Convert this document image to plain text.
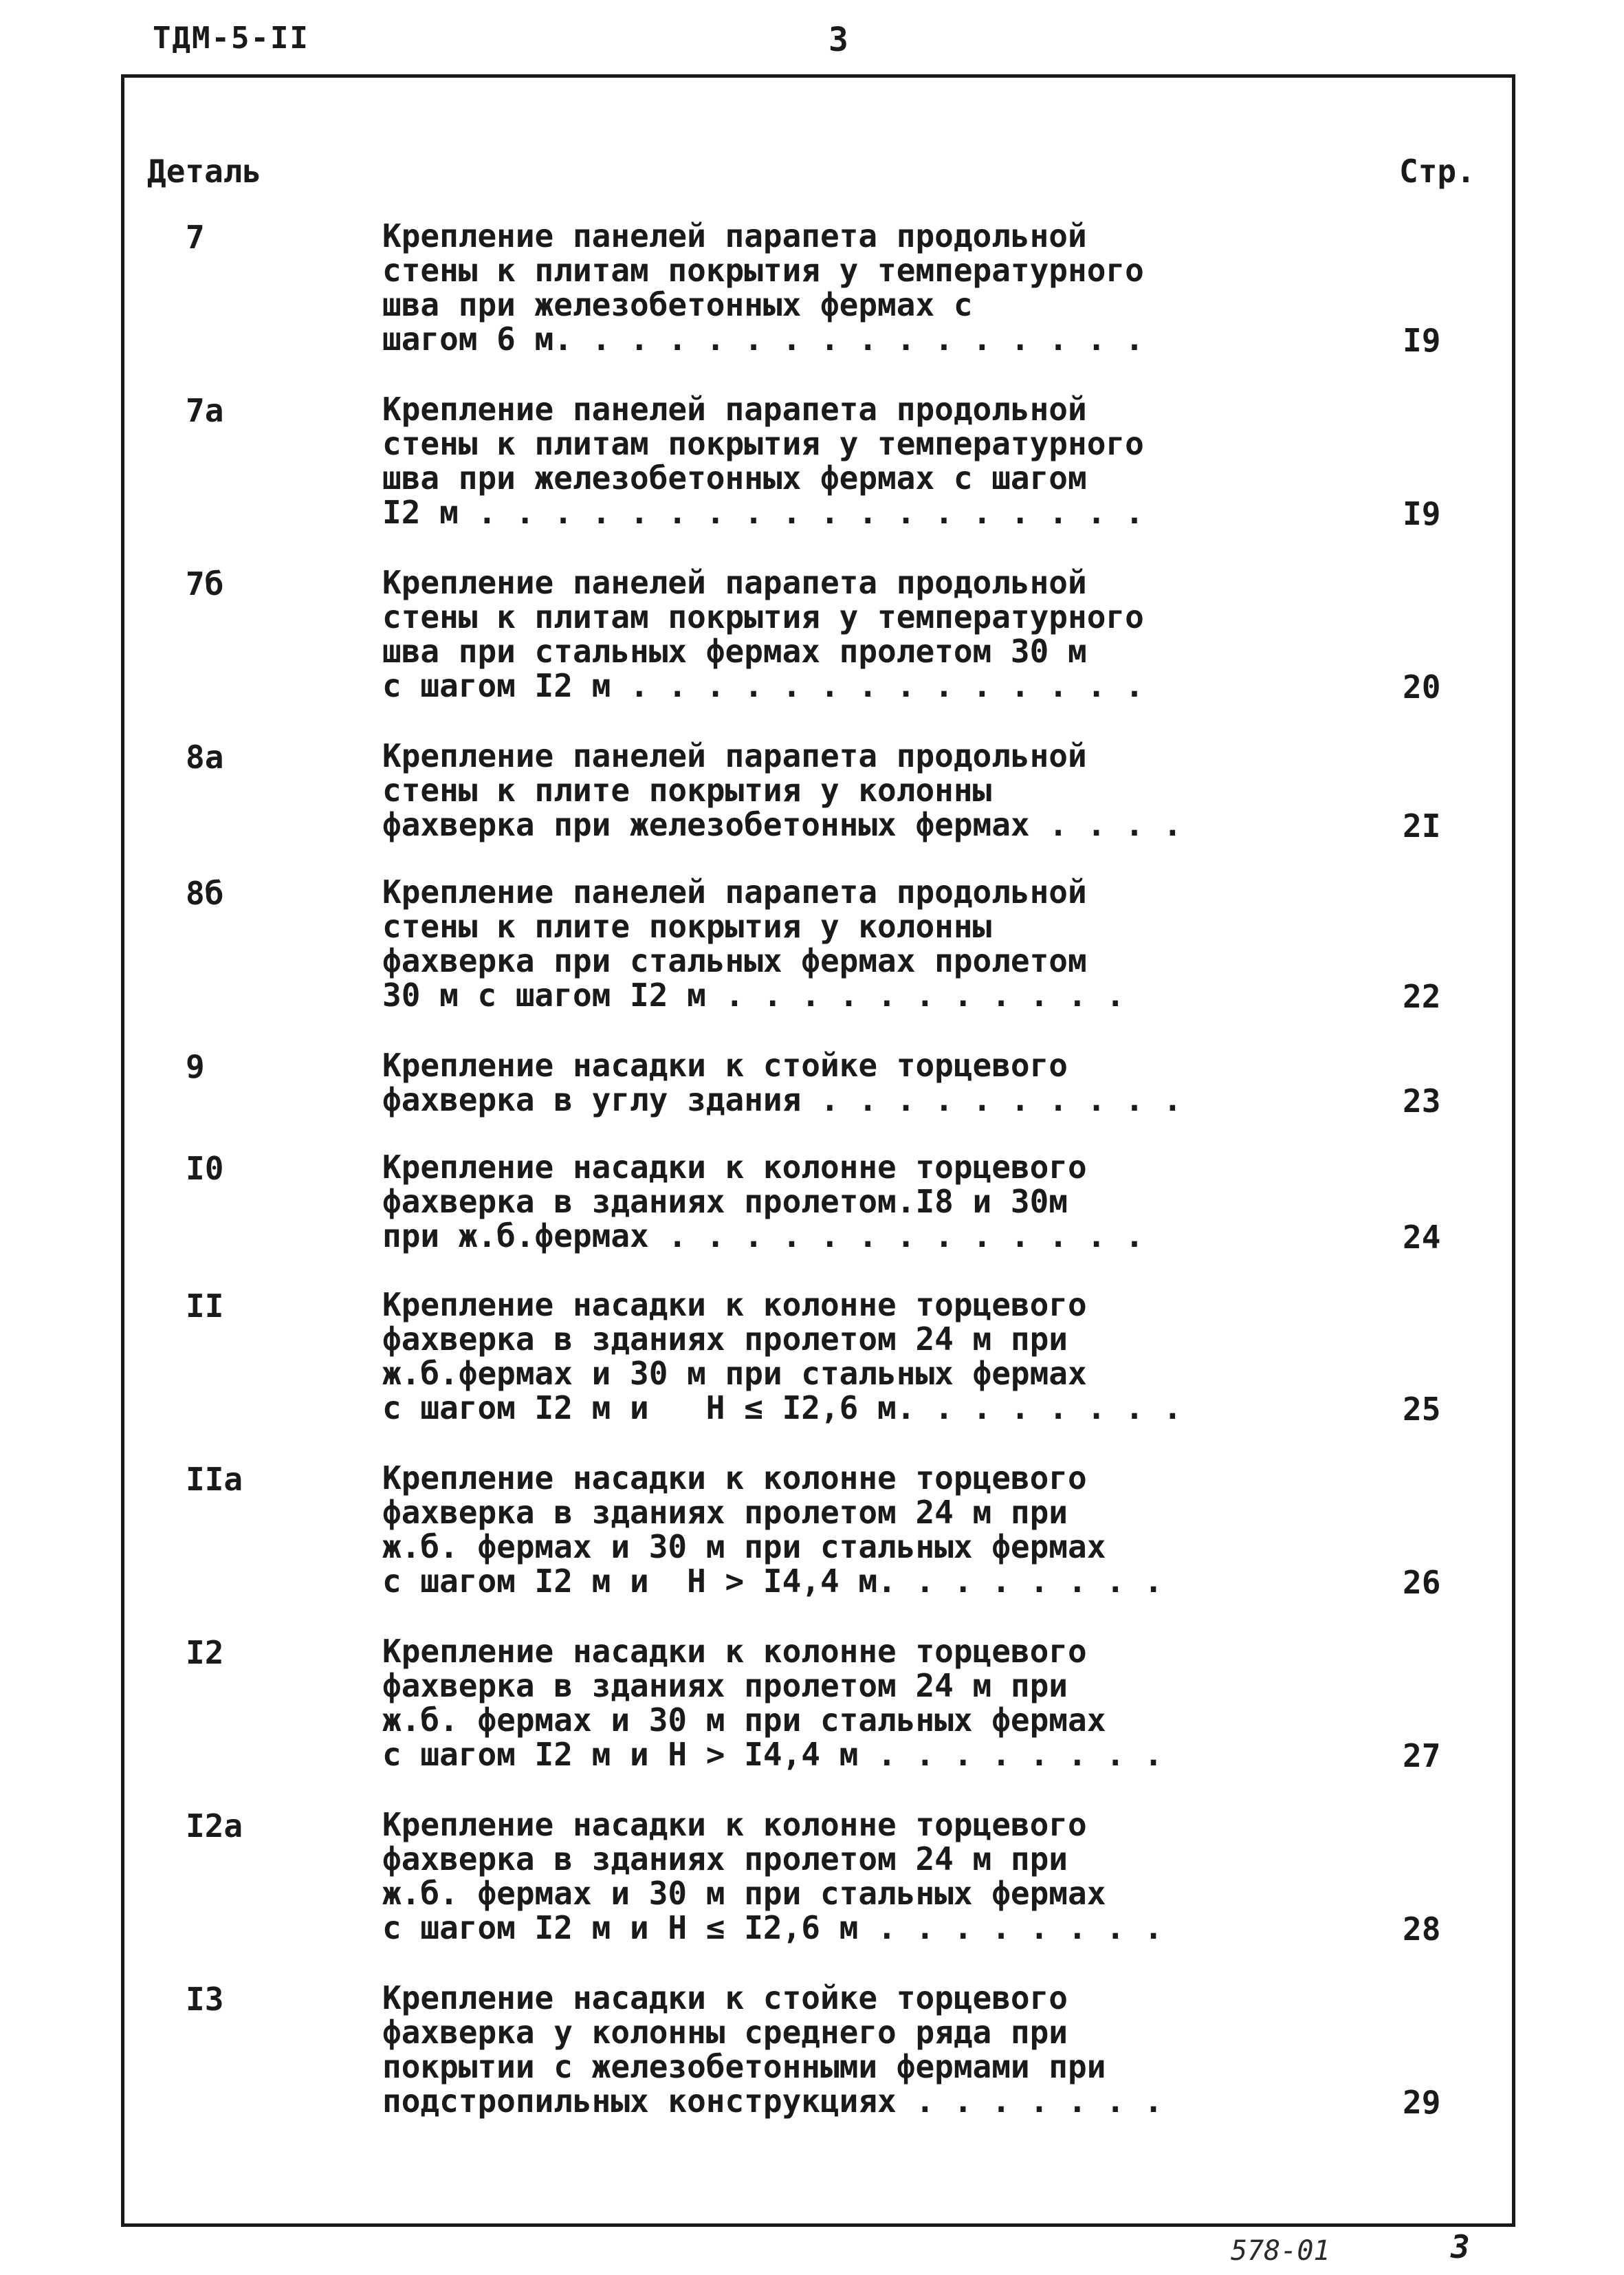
ТДМ-5-II	3
Деталь	Стр.
7	Крепление панелей парапета продольной
стены к плитам покрытия у температурного
шва при железобетонных фермах с
шагом 6 м. . . . . . . . . . . . . . . .	I9
7а	Крепление панелей парапета продольной
стены к плитам покрытия у температурного
шва при железобетонных фермах с шагом
I2 м . . . . . . . . . . . . . . . . . .	I9
7б	Крепление панелей парапета продольной
стены к плитам покрытия у температурного
шва при стальных фермах пролетом 30 м
с шагом I2 м . . . . . . . . . . . . . .	20
8а	Крепление панелей парапета продольной
стены к плите покрытия у колонны
фахверка при железобетонных фермах . . . .	2I
8б	Крепление панелей парапета продольной
стены к плите покрытия у колонны
фахверка при стальных фермах пролетом
30 м с шагом I2 м . . . . . . . . . . .	22
9	Крепление насадки к стойке торцевого
фахверка в углу здания . . . . . . . . . .	23
I0	Крепление насадки к колонне торцевого
фахверка в зданиях пролетом.I8 и 30м
при ж.б.фермах . . . . . . . . . . . . .	24
II	Крепление насадки к колонне торцевого
фахверка в зданиях пролетом 24 м при
ж.б.фермах и 30 м при стальных фермах
с шагом I2 м и   Н ≤ I2,6 м. . . . . . . .	25
IIа	Крепление насадки к колонне торцевого
фахверка в зданиях пролетом 24 м при
ж.б. фермах и 30 м при стальных фермах
с шагом I2 м и  Н > I4,4 м. . . . . . . .	26
I2	Крепление насадки к колонне торцевого
фахверка в зданиях пролетом 24 м при
ж.б. фермах и 30 м при стальных фермах
с шагом I2 м и Н > I4,4 м . . . . . . . .	27
I2а	Крепление насадки к колонне торцевого
фахверка в зданиях пролетом 24 м при
ж.б. фермах и 30 м при стальных фермах
с шагом I2 м и Н ≤ I2,6 м . . . . . . . .	28
I3	Крепление насадки к стойке торцевого
фахверка у колонны среднего ряда при
покрытии с железобетонными фермами при
подстропильных конструкциях . . . . . . .	29
578-01	3
